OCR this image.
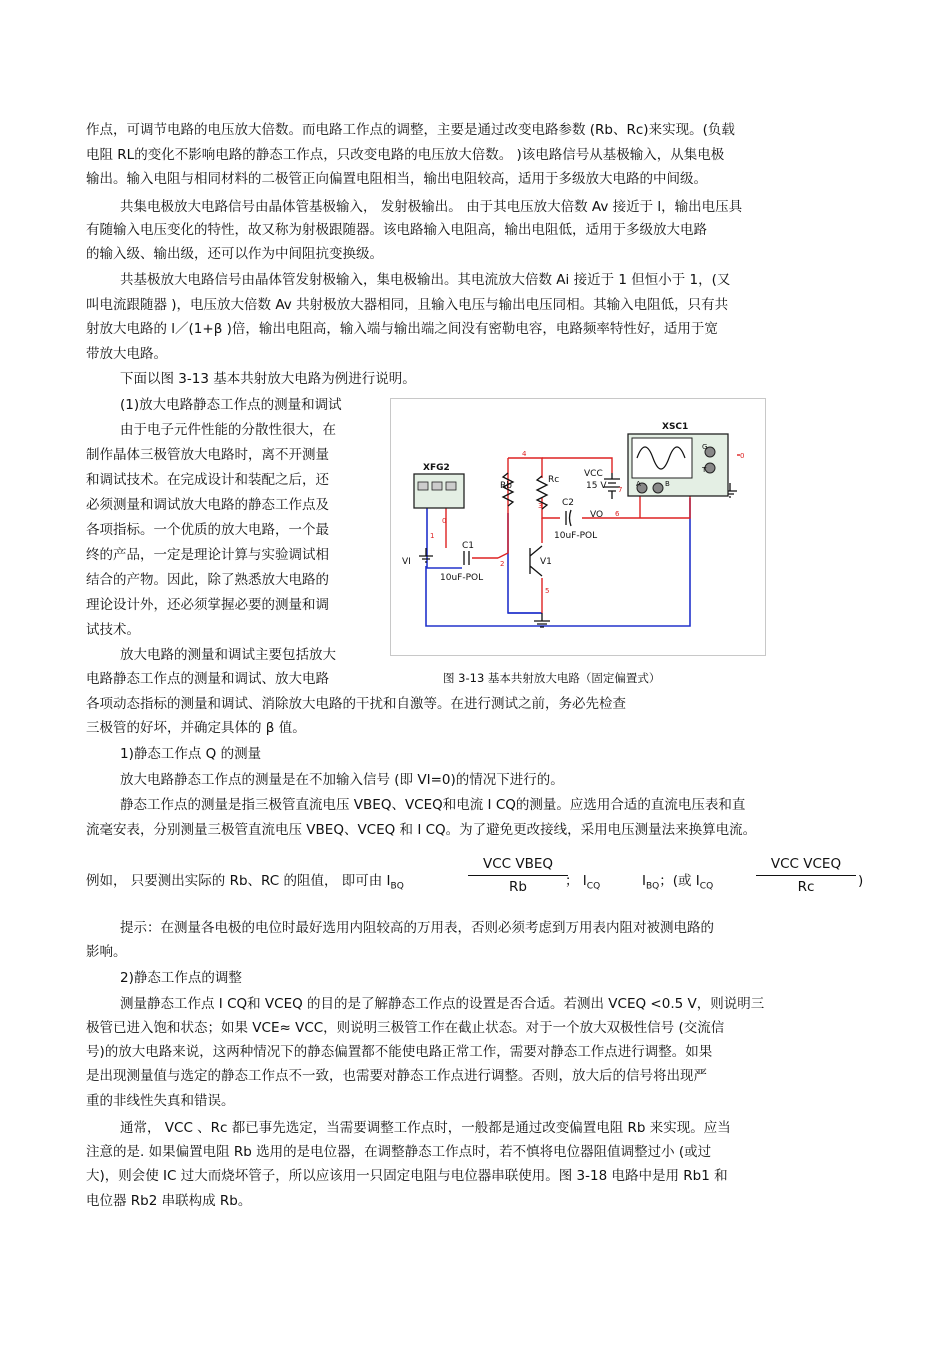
作点，可调节电路的电压放大倍数。而电路工作点的调整，主要是通过改变电路参数 (Rb、Rc)来实现。(负载
电阻 RL的变化不影响电路的静态工作点，只改变电路的电压放大倍数。 )该电路信号从基极输入，从集电极
输出。输入电阻与相同材料的二极管正向偏置电阻相当，输出电阻较高，适用于多级放大电路的中间级。
共集电极放大电路信号由晶体管基极输入， 发射极输出。 由于其电压放大倍数 Av 接近于 l，输出电压具
有随输入电压变化的特性，故又称为射极跟随器。该电路输入电阻高，输出电阻低，适用于多级放大电路
的输入级、输出级，还可以作为中间阻抗变换级。
共基极放大电路信号由晶体管发射极输入，集电极输出。其电流放大倍数 Ai 接近于 1 但恒小于 1，(又
叫电流跟随器 )，电压放大倍数 Av 共射极放大器相同，且输入电压与输出电压同相。其输入电阻低，只有共
射放大电路的 l／(1+β )倍，输出电阻高，输入端与输出端之间没有密勒电容，电路频率特性好，适用于宽
带放大电路。
下面以图 3-13 基本共射放大电路为例进行说明。
(1)放大电路静态工作点的测量和调试
由于电子元件性能的分散性很大，在
制作晶体三极管放大电路时，离不开测量
和调试技术。在完成设计和装配之后，还
必须测量和调试放大电路的静态工作点及
各项指标。一个优质的放大电路，一个最
终的产品，一定是理论计算与实验调试相
结合的产物。因此，除了熟悉放大电路的
理论设计外，还必须掌握必要的测量和调
试技术。
放大电路的测量和调试主要包括放大
电路静态工作点的测量和调试、放大电路
各项动态指标的测量和调试、消除放大电路的干扰和自激等。在进行测试之前，务必先检查
三极管的好坏，并确定具体的 β 值。
1)静态工作点 Q 的测量
放大电路静态工作点的测量是在不加输入信号 (即 VI=0)的情况下进行的。
静态工作点的测量是指三极管直流电压 VBEQ、VCEQ和电流 I CQ的测量。应选用合适的直流电压表和直
流毫安表，分别测量三极管直流电压 VBEQ、VCEQ 和 I CQ。为了避免更改接线，采用电压测量法来换算电流。
例如， 只要测出实际的 Rb、RC 的阻值， 即可由 $I_{BQ}$
VCC VBEQ
Rb	； $I_{CQ}$	$I_{BQ}$；(或 $I_{CQ}$
VCC VCEQ
Rc	)
提示：在测量各电极的电位时最好选用内阻较高的万用表，否则必须考虑到万用表内阻对被测电路的
影响。
2)静态工作点的调整
测量静态工作点 I CQ和 VCEQ 的目的是了解静态工作点的设置是否合适。若测出 VCEQ <0.5 V，则说明三
极管已进入饱和状态；如果 VCE≈ VCC，则说明三极管工作在截止状态。对于一个放大双极性信号 (交流信
号)的放大电路来说，这两种情况下的静态偏置都不能使电路正常工作，需要对静态工作点进行调整。如果
是出现测量值与选定的静态工作点不一致，也需要对静态工作点进行调整。否则，放大后的信号将出现严
重的非线性失真和错误。
通常， VCC 、Rc 都已事先选定，当需要调整工作点时，一般都是通过改变偏置电阻 Rb 来实现。应当
注意的是. 如果偏置电阻 Rb 选用的是电位器，在调整静态工作点时，若不慎将电位器阻值调整过小 (或过
大)，则会使 IC 过大而烧坏管子，所以应该用一只固定电阻与电位器串联使用。图 3-18 电路中是用 Rb1 和
电位器 Rb2 串联构成 Rb。
XFG2
XSC1
Rb
Rc
VCC
15 V
C2
10uF-POL
VO
C1
10uF-POL
VI	V1
G
T
A	B
4
3
6
0
0
1
2
5
7
图 3-13 基本共射放大电路（固定偏置式）
